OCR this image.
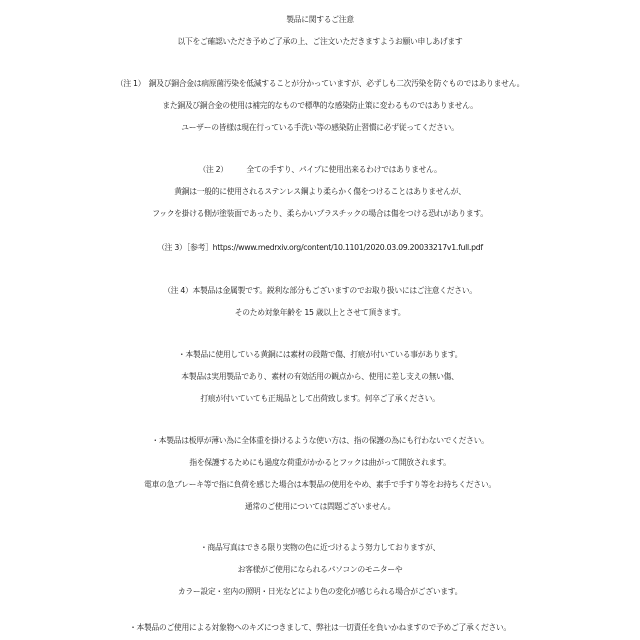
製品に関するご注意
以下をご確認いただき予めご了承の上、ご注文いただきますようお願い申しあげます
（注 1）　銅及び銅合金は病原菌汚染を低減することが分かっていますが、必ずしも二次汚染を防ぐものではありません。
また銅及び銅合金の使用は補完的なもので標準的な感染防止策に変わるものではありません。
ユーザーの皆様は現在行っている手洗い等の感染防止習慣に必ず従ってください。
（注 2）　　　全ての手すり、パイプに使用出来るわけではありません。
黄銅は一般的に使用されるステンレス鋼より柔らかく傷をつけることはありませんが、
フックを掛ける側が塗装面であったり、柔らかいプラスチックの場合は傷をつける恐れがあります。
（注 3）［参考］https://www.medrxiv.org/content/10.1101/2020.03.09.20033217v1.full.pdf
（注 4）本製品は金属製です。鋭利な部分もございますのでお取り扱いにはご注意ください。
そのため対象年齢を 15 歳以上とさせて頂きます。
・本製品に使用している黄銅には素材の段階で傷、打痕が付いている事があります。
本製品は実用製品であり、素材の有効活用の観点から、使用に差し支えの無い傷、
打痕が付いていても正規品として出荷致します。何卒ご了承ください。
・本製品は板厚が薄い為に全体重を掛けるような使い方は、指の保護の為にも行わないでください。
指を保護するためにも過度な荷重がかかるとフックは曲がって開放されます。
電車の急ブレーキ等で指に負荷を感じた場合は本製品の使用をやめ、素手で手すり等をお持ちください。
通常のご使用については問題ございません。
・商品写真はできる限り実物の色に近づけるよう努力しておりますが、
お客様がご使用になられるパソコンのモニターや
カラー設定・室内の照明・日光などにより色の変化が感じられる場合がございます。
・本製品のご使用による対象物へのキズにつきまして、弊社は一切責任を負いかねますので予めご了承ください。
